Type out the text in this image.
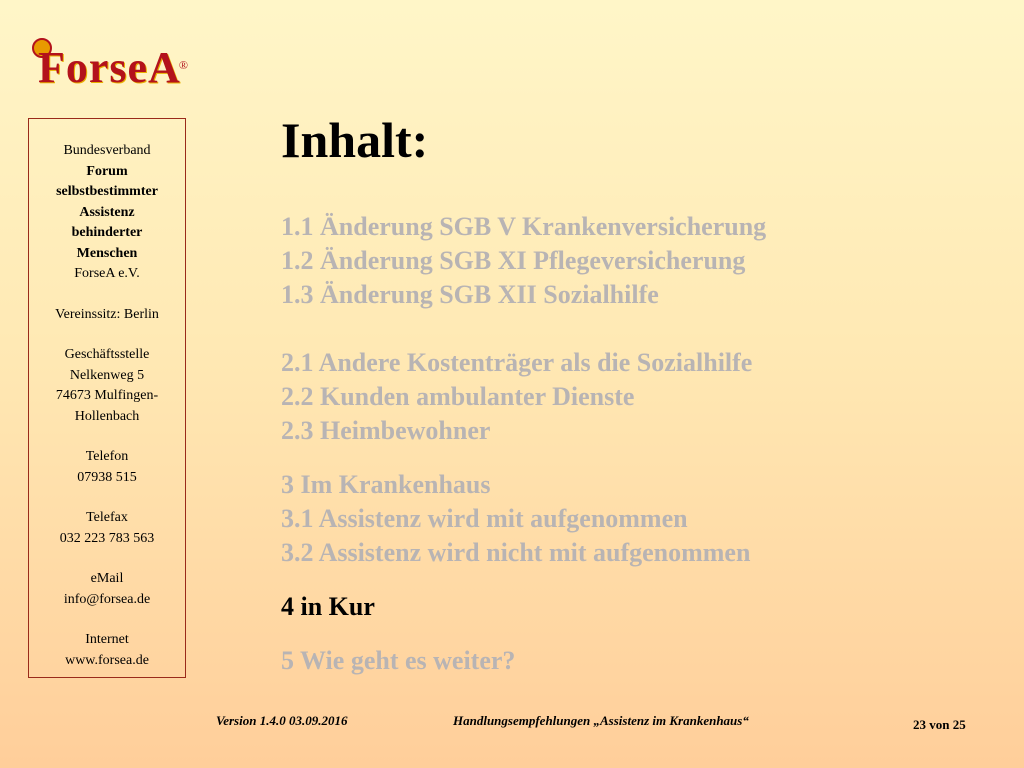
ForseA
®
Bundesverband
Forum
selbstbestimmter
Assistenz
behinderter
Menschen
ForseA e.V.
Vereinssitz: Berlin
Geschäftsstelle
Nelkenweg 5
74673 Mulfingen-
Hollenbach
Telefon
07938 515
Telefax
032 223 783 563
eMail
info@forsea.de
Internet
www.forsea.de
Inhalt:
1.1 Änderung SGB V Krankenversicherung
1.2 Änderung SGB XI Pflegeversicherung
1.3 Änderung SGB XII Sozialhilfe
2.1 Andere Kostenträger als die Sozialhilfe
2.2 Kunden ambulanter Dienste
2.3 Heimbewohner
3 Im Krankenhaus
3.1 Assistenz wird mit aufgenommen
3.2 Assistenz wird nicht mit aufgenommen
4 in Kur
5 Wie geht es weiter?
Version 1.4.0 03.09.2016	Handlungsempfehlungen „Assistenz im Krankenhaus“	23 von 25
